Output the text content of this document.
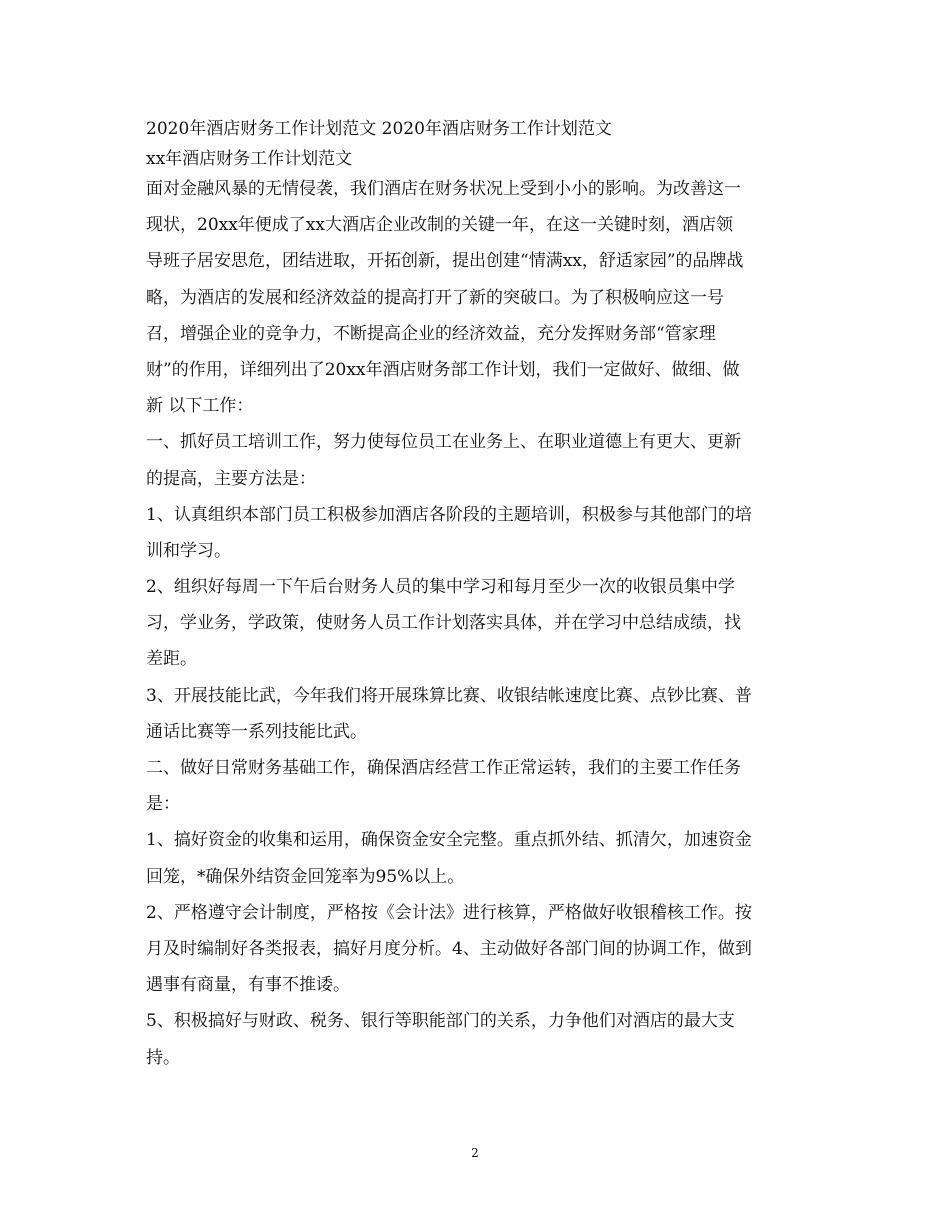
2020年酒店财务工作计划范文 2020年酒店财务工作计划范文
xx年酒店财务工作计划范文
面对金融风暴的无情侵袭，我们酒店在财务状况上受到小小的影响。为改善这一
现状，20xx年便成了xx大酒店企业改制的关键一年，在这一关键时刻，酒店领
导班子居安思危，团结进取，开拓创新，提出创建“情满xx，舒适家园”的品牌战
略，为酒店的发展和经济效益的提高打开了新的突破口。为了积极响应这一号
召，增强企业的竞争力，不断提高企业的经济效益，充分发挥财务部“管家理
财”的作用，详细列出了20xx年酒店财务部工作计划，我们一定做好、做细、做
新 以下工作：
一、抓好员工培训工作，努力使每位员工在业务上、在职业道德上有更大、更新
的提高，主要方法是：
1、认真组织本部门员工积极参加酒店各阶段的主题培训，积极参与其他部门的培
训和学习。
2、组织好每周一下午后台财务人员的集中学习和每月至少一次的收银员集中学
习，学业务，学政策，使财务人员工作计划落实具体，并在学习中总结成绩，找
差距。
3、开展技能比武，今年我们将开展珠算比赛、收银结帐速度比赛、点钞比赛、普
通话比赛等一系列技能比武。
二、做好日常财务基础工作，确保酒店经营工作正常运转，我们的主要工作任务
是：
1、搞好资金的收集和运用，确保资金安全完整。重点抓外结、抓清欠，加速资金
回笼，*确保外结资金回笼率为95%以上。
2、严格遵守会计制度，严格按《会计法》进行核算，严格做好收银稽核工作。按
月及时编制好各类报表，搞好月度分析。4、主动做好各部门间的协调工作，做到
遇事有商量，有事不推诿。
5、积极搞好与财政、税务、银行等职能部门的关系，力争他们对酒店的最大支
持。
2
